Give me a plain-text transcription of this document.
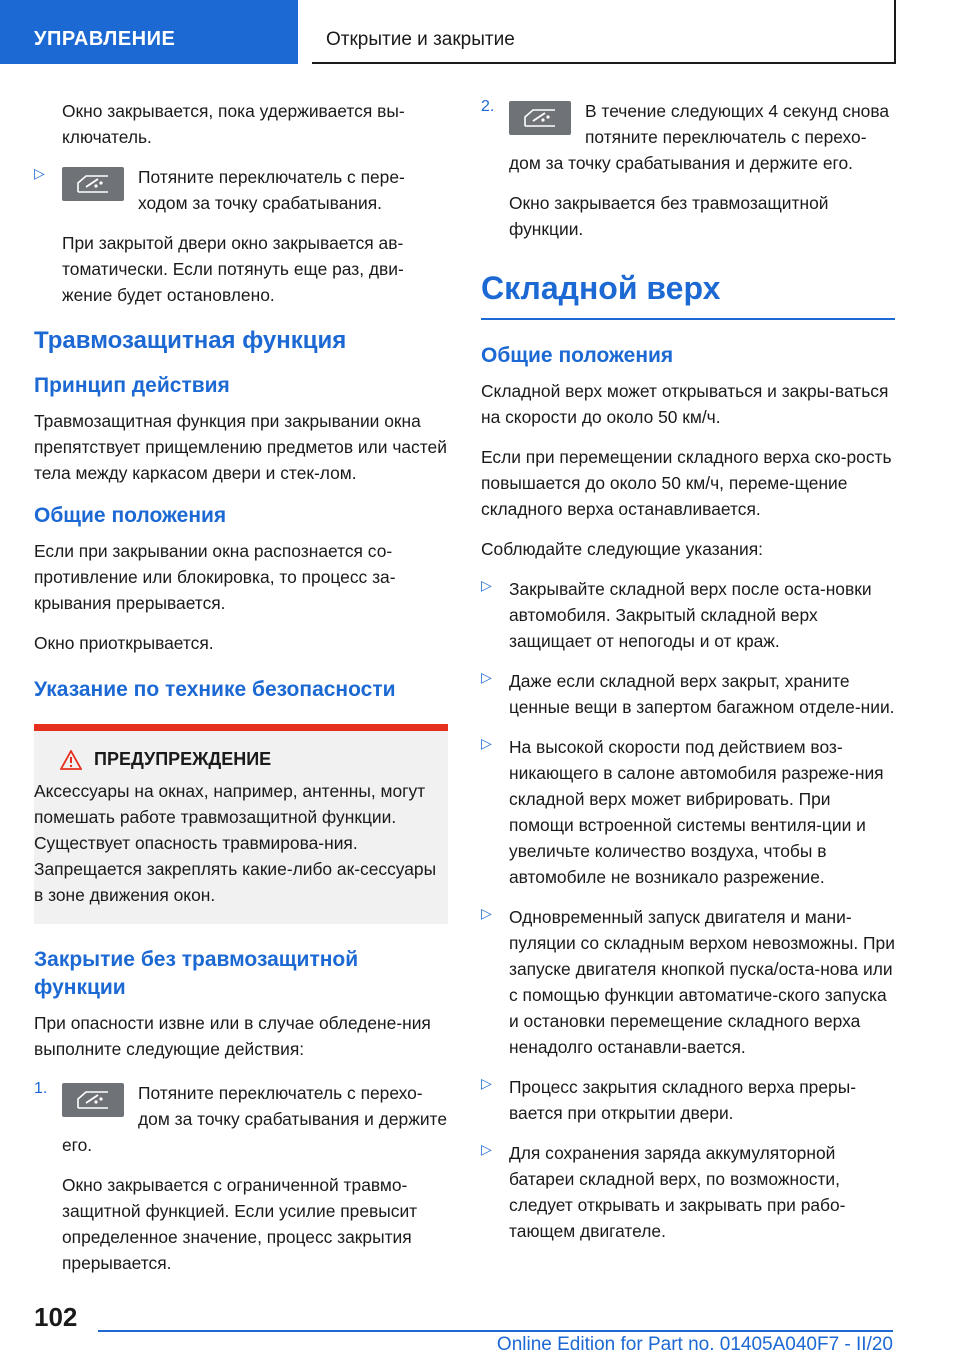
УПРАВЛЕНИЕ	Открытие и закрытие

Окно закрывается, пока удерживается вы-ключатель.

▷	Потяните переключатель с пере-ходом за точку срабатывания.

При закрытой двери окно закрывается ав-томатически. Если потянуть еще раз, дви-жение будет остановлено.

Травмозащитная функция
Принцип действия

Травмозащитная функция при закрывании окна препятствует прищемлению предметов или частей тела между каркасом двери и стек-лом.

Общие положения

Если при закрывании окна распознается со-противление или блокировка, то процесс за-крывания прерывается.

Окно приоткрывается.

Указание по технике безопасности
ПРЕДУПРЕЖДЕНИЕ

Аксессуары на окнах, например, антенны, могут помешать работе травмозащитной функции. Существует опасность травмирова-ния. Запрещается закреплять какие-либо ак-сессуары в зоне движения окон.

Закрытие без травмозащитной функции

При опасности извне или в случае обледене-ния выполните следующие действия:

1.	Потяните переключатель с перехо-дом за точку срабатывания и держите его.

Окно закрывается с ограниченной травмо-защитной функцией. Если усилие превысит определенное значение, процесс закрытия прерывается.

2.	В течение следующих 4 секунд снова потяните переключатель с перехо-дом за точку срабатывания и держите его.

Окно закрывается без травмозащитной функции.

Складной верх
Общие положения

Складной верх может открываться и закры-ваться на скорости до около 50 км/ч.

Если при перемещении складного верха ско-рость повышается до около 50 км/ч, переме-щение складного верха останавливается.

Соблюдайте следующие указания:

▷ Закрывайте складной верх после оста-новки автомобиля. Закрытый складной верх защищает от непогоды и от краж.

▷ Даже если складной верх закрыт, храните ценные вещи в запертом багажном отделе-нии.

▷ На высокой скорости под действием воз-никающего в салоне автомобиля разреже-ния складной верх может вибрировать. При помощи встроенной системы вентиля-ции и увеличьте количество воздуха, чтобы в автомобиле не возникало разрежение.

▷ Одновременный запуск двигателя и мани-пуляции со складным верхом невозможны. При запуске двигателя кнопкой пуска/оста-нова или с помощью функции автоматиче-ского запуска и остановки перемещение складного верха ненадолго останавли-вается.

▷ Процесс закрытия складного верха преры-вается при открытии двери.

▷ Для сохранения заряда аккумуляторной батареи складной верх, по возможности, следует открывать и закрывать при рабо-тающем двигателе.

102
Online Edition for Part no. 01405A040F7 - II/20
